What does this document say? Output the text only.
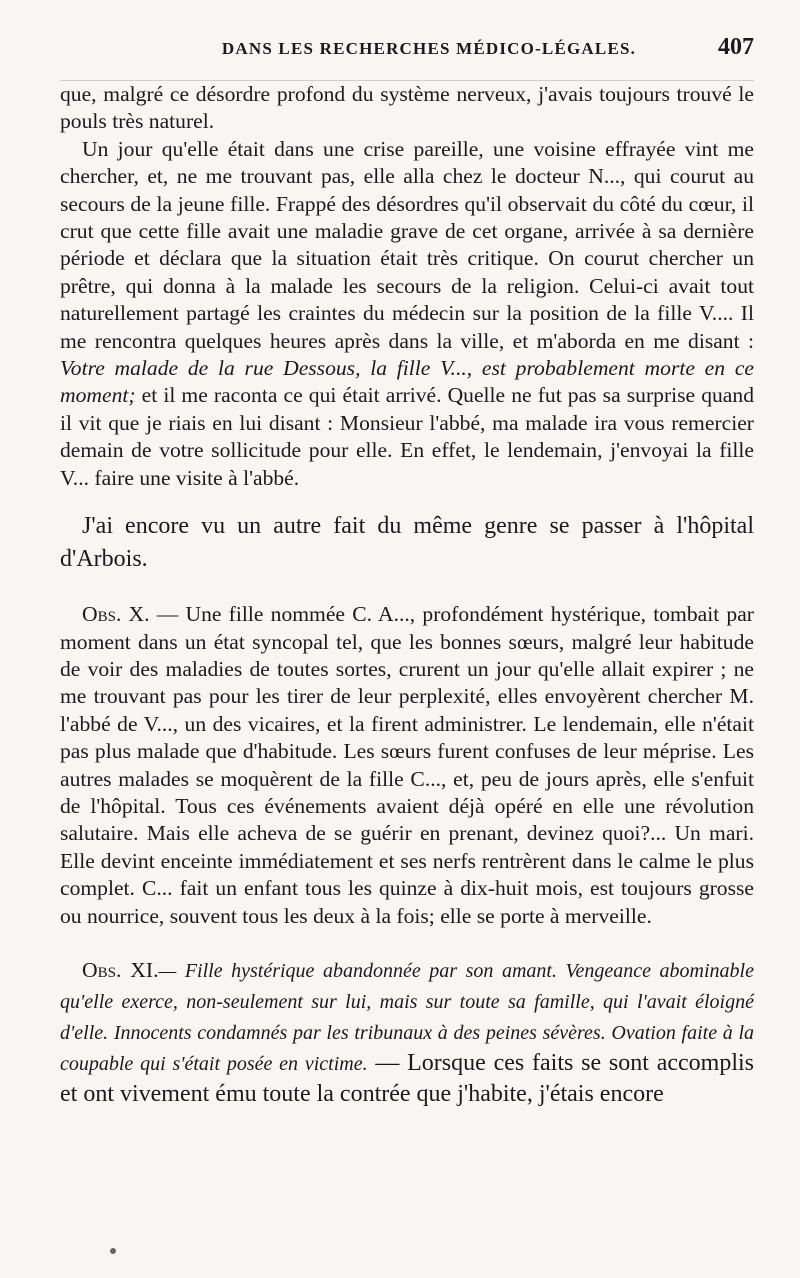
DANS LES RECHERCHES MÉDICO-LÉGALES.	407

que, malgré ce désordre profond du système nerveux, j'avais toujours trouvé le pouls très naturel.

Un jour qu'elle était dans une crise pareille, une voisine effrayée vint me chercher, et, ne me trouvant pas, elle alla chez le docteur N..., qui courut au secours de la jeune fille. Frappé des désordres qu'il observait du côté du cœur, il crut que cette fille avait une maladie grave de cet organe, arrivée à sa dernière période et déclara que la situation était très critique. On courut chercher un prêtre, qui donna à la malade les secours de la religion. Celui-ci avait tout naturellement partagé les craintes du médecin sur la position de la fille V.... Il me rencontra quelques heures après dans la ville, et m'aborda en me disant : Votre malade de la rue Dessous, la fille V..., est probablement morte en ce moment; et il me raconta ce qui était arrivé. Quelle ne fut pas sa surprise quand il vit que je riais en lui disant : Monsieur l'abbé, ma malade ira vous remercier demain de votre sollicitude pour elle. En effet, le lendemain, j'envoyai la fille V... faire une visite à l'abbé.

J'ai encore vu un autre fait du même genre se passer à l'hôpital d'Arbois.

Obs. X. — Une fille nommée C. A..., profondément hystérique, tombait par moment dans un état syncopal tel, que les bonnes sœurs, malgré leur habitude de voir des maladies de toutes sortes, crurent un jour qu'elle allait expirer ; ne me trouvant pas pour les tirer de leur perplexité, elles envoyèrent chercher M. l'abbé de V..., un des vicaires, et la firent administrer. Le lendemain, elle n'était pas plus malade que d'habitude. Les sœurs furent confuses de leur méprise. Les autres malades se moquèrent de la fille C..., et, peu de jours après, elle s'enfuit de l'hôpital. Tous ces événements avaient déjà opéré en elle une révolution salutaire. Mais elle acheva de se guérir en prenant, devinez quoi?... Un mari. Elle devint enceinte immédiatement et ses nerfs rentrèrent dans le calme le plus complet. C... fait un enfant tous les quinze à dix-huit mois, est toujours grosse ou nourrice, souvent tous les deux à la fois; elle se porte à merveille.

Obs. XI.— Fille hystérique abandonnée par son amant. Vengeance abominable qu'elle exerce, non-seulement sur lui, mais sur toute sa famille, qui l'avait éloigné d'elle. Innocents condamnés par les tribunaux à des peines sévères. Ovation faite à la coupable qui s'était posée en victime. — Lorsque ces faits se sont accomplis et ont vivement ému toute la contrée que j'habite, j'étais encore
